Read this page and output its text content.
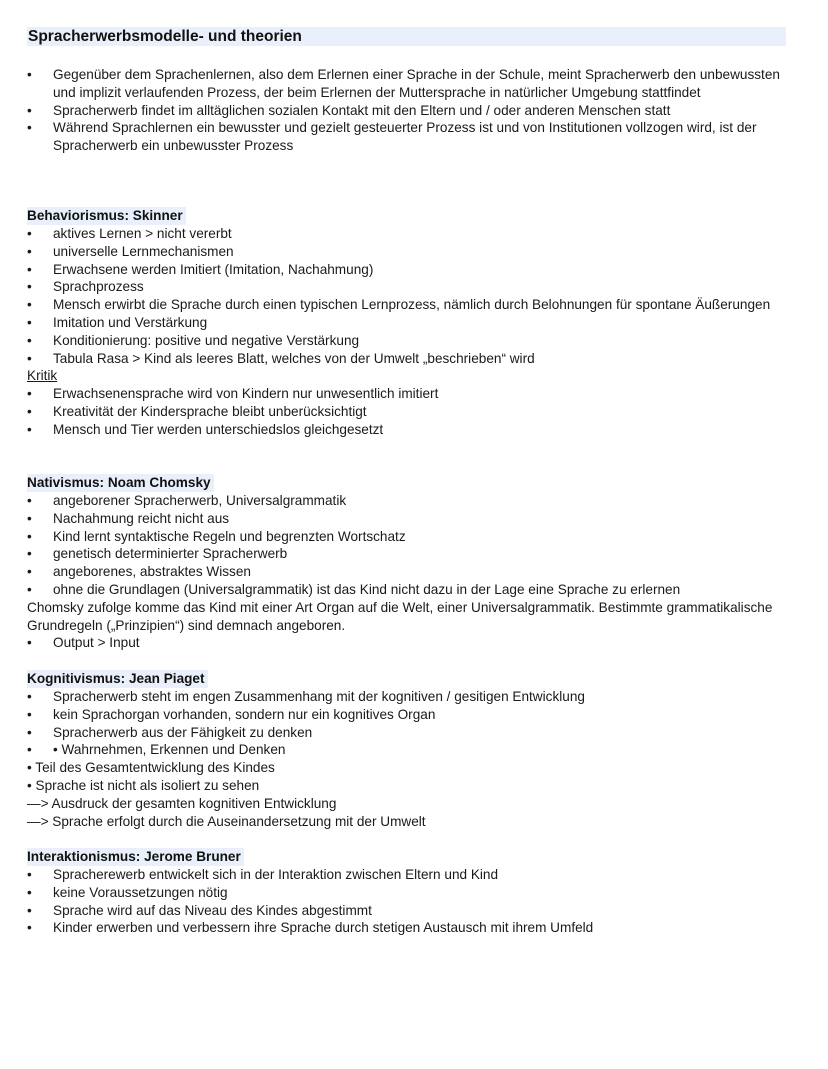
Spracherwerbsmodelle- und theorien
•	Gegenüber dem Sprachenlernen, also dem Erlernen einer Sprache in der Schule, meint Spracherwerb den unbewussten und implizit verlaufenden Prozess, der beim Erlernen der Muttersprache in natürlicher Umgebung stattfindet
•	Spracherwerb findet im alltäglichen sozialen Kontakt mit den Eltern und / oder anderen Menschen statt
•	Während Sprachlernen ein bewusster und gezielt gesteuerter Prozess ist und von Institutionen vollzogen wird, ist der Spracherwerb ein unbewusster Prozess
Behaviorismus: Skinner
•	aktives Lernen > nicht vererbt
•	universelle Lernmechanismen
•	Erwachsene werden Imitiert (Imitation, Nachahmung)
•	Sprachprozess
•	Mensch erwirbt die Sprache durch einen typischen Lernprozess, nämlich durch Belohnungen für spontane Äußerungen
•	Imitation und Verstärkung
•	Konditionierung: positive und negative Verstärkung
•	Tabula Rasa > Kind als leeres Blatt, welches von der Umwelt „beschrieben“ wird
Kritik
•	Erwachsenensprache wird von Kindern nur unwesentlich imitiert
•	Kreativität der Kindersprache bleibt unberücksichtigt
•	Mensch und Tier werden unterschiedslos gleichgesetzt
Nativismus: Noam Chomsky
•	angeborener Spracherwerb, Universalgrammatik
•	Nachahmung reicht nicht aus
•	Kind lernt syntaktische Regeln und begrenzten Wortschatz
•	genetisch determinierter Spracherwerb
•	angeborenes, abstraktes Wissen
•	ohne die Grundlagen (Universalgrammatik) ist das Kind nicht dazu in der Lage eine Sprache zu erlernen
Chomsky zufolge komme das Kind mit einer Art Organ auf die Welt, einer Universalgrammatik. Bestimmte grammatikalische Grundregeln („Prinzipien“) sind demnach angeboren.
•	Output > Input
Kognitivismus: Jean Piaget
•	Spracherwerb steht im engen Zusammenhang mit der kognitiven / gesitigen Entwicklung
•	kein Sprachorgan vorhanden, sondern nur ein kognitives Organ
•	Spracherwerb aus der Fähigkeit zu denken
•	• Wahrnehmen, Erkennen und Denken
• Teil des Gesamtentwicklung des Kindes
• Sprache ist nicht als isoliert zu sehen
—> Ausdruck der gesamten kognitiven Entwicklung
—> Sprache erfolgt durch die Auseinandersetzung mit der Umwelt
Interaktionismus: Jerome Bruner
•	Spracherewerb entwickelt sich in der Interaktion zwischen Eltern und Kind
•	keine Voraussetzungen nötig
•	Sprache wird auf das Niveau des Kindes abgestimmt
•	Kinder erwerben und verbessern ihre Sprache durch stetigen Austausch mit ihrem Umfeld
